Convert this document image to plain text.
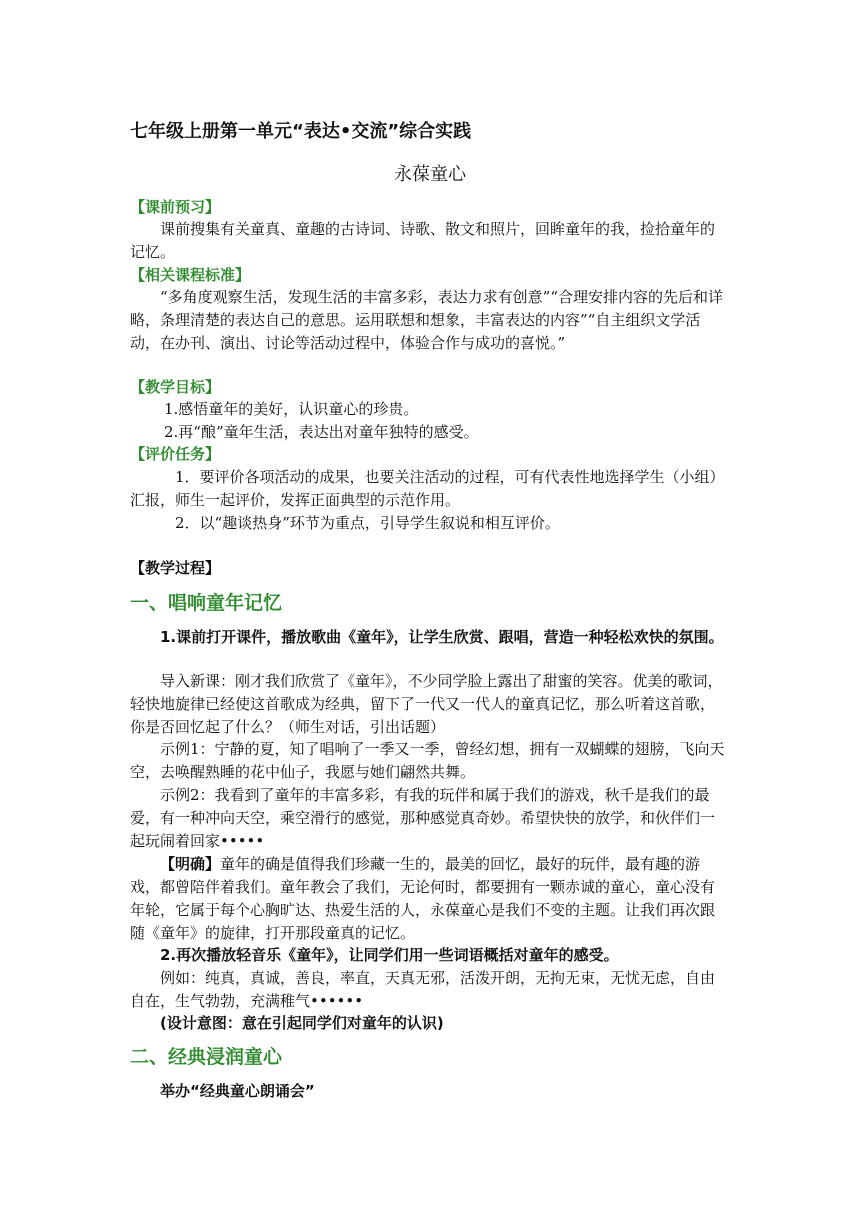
七年级上册第一单元“表达•交流”综合实践
永葆童心
【课前预习】
课前搜集有关童真、童趣的古诗词、诗歌、散文和照片，回眸童年的我，捡拾童年的记忆。
【相关课程标准】
“多角度观察生活，发现生活的丰富多彩，表达力求有创意”“合理安排内容的先后和详略，条理清楚的表达自己的意思。运用联想和想象，丰富表达的内容”“自主组织文学活动，在办刊、演出、讨论等活动过程中，体验合作与成功的喜悦。”
【教学目标】
1.感悟童年的美好，认识童心的珍贵。
2.再“酿”童年生活，表达出对童年独特的感受。
【评价任务】
1．要评价各项活动的成果，也要关注活动的过程，可有代表性地选择学生（小组）汇报，师生一起评价，发挥正面典型的示范作用。
2．以“趣谈热身”环节为重点，引导学生叙说和相互评价。
【教学过程】
一、唱响童年记忆
1.课前打开课件，播放歌曲《童年》，让学生欣赏、跟唱，营造一种轻松欢快的氛围。
导入新课：刚才我们欣赏了《童年》，不少同学脸上露出了甜蜜的笑容。优美的歌词，轻快地旋律已经使这首歌成为经典，留下了一代又一代人的童真记忆，那么听着这首歌，你是否回忆起了什么？（师生对话，引出话题）
示例1：宁静的夏，知了唱响了一季又一季，曾经幻想，拥有一双蝴蝶的翅膀，飞向天空，去唤醒熟睡的花中仙子，我愿与她们翩然共舞。
示例2：我看到了童年的丰富多彩，有我的玩伴和属于我们的游戏，秋千是我们的最爱，有一种冲向天空，乘空滑行的感觉，那种感觉真奇妙。希望快快的放学，和伙伴们一起玩闹着回家•••••
【明确】童年的确是值得我们珍藏一生的，最美的回忆，最好的玩伴，最有趣的游戏，都曾陪伴着我们。童年教会了我们，无论何时，都要拥有一颗赤诚的童心，童心没有年轮，它属于每个心胸旷达、热爱生活的人，永葆童心是我们不变的主题。让我们再次跟随《童年》的旋律，打开那段童真的记忆。
2.再次播放轻音乐《童年》，让同学们用一些词语概括对童年的感受。
例如：纯真，真诚，善良，率直，天真无邪，活泼开朗，无拘无束，无忧无虑，自由自在，生气勃勃，充满稚气••••••
(设计意图：意在引起同学们对童年的认识)
二、经典浸润童心
举办“经典童心朗诵会”
